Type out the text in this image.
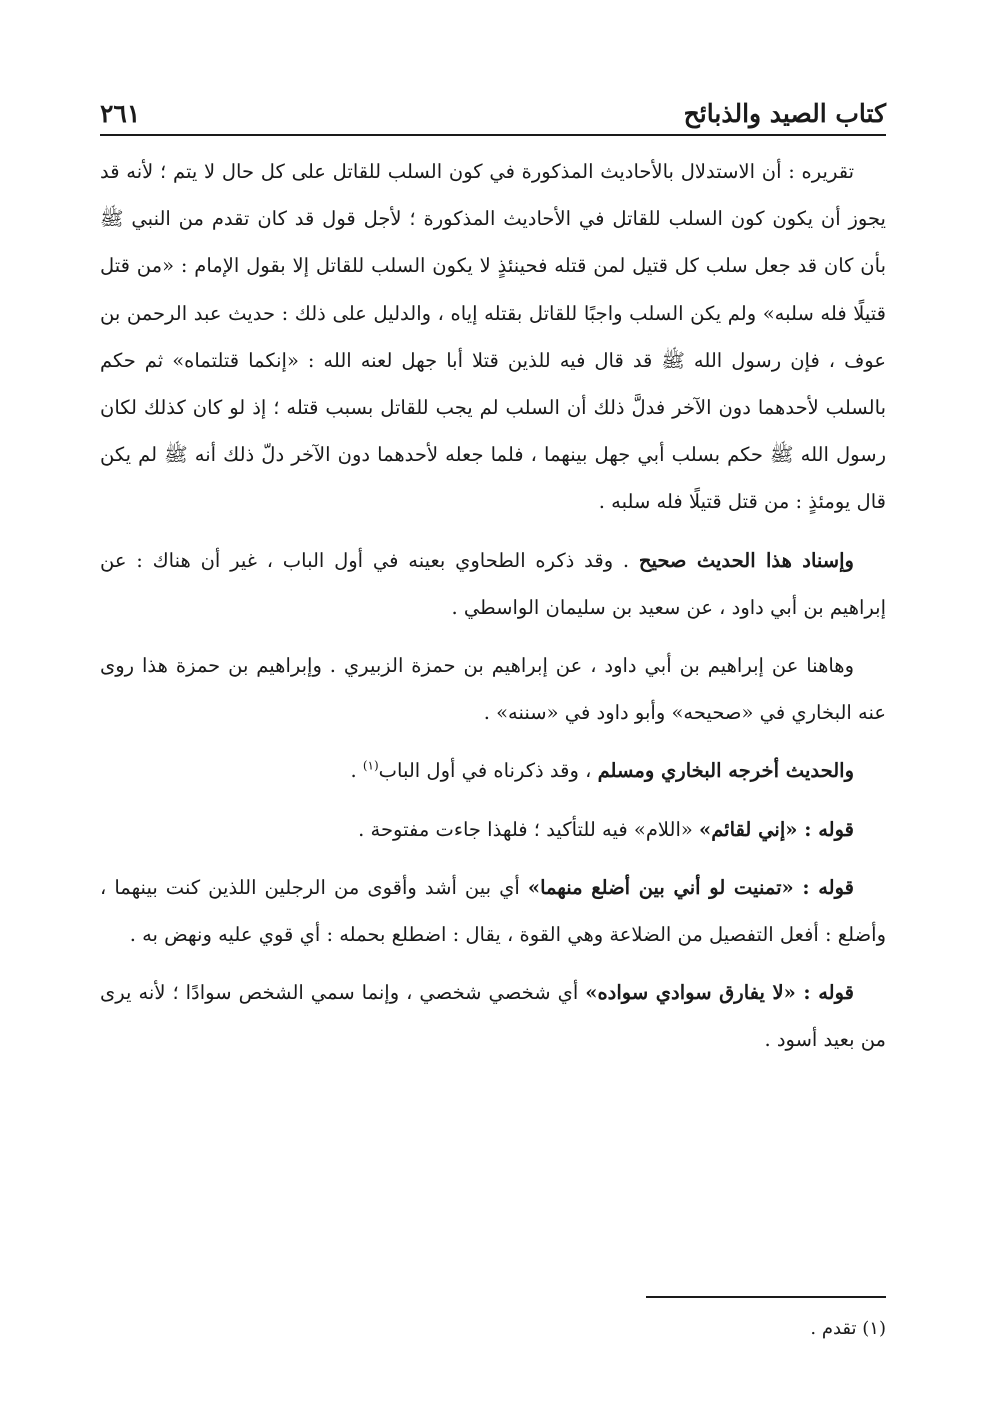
كتاب الصيد والذبائح
٢٦١

تقريره : أن الاستدلال بالأحاديث المذكورة في كون السلب للقاتل على كل حال لا يتم ؛ لأنه قد يجوز أن يكون كون السلب للقاتل في الأحاديث المذكورة ؛ لأجل قول قد كان تقدم من النبي ﷺ بأن كان قد جعل سلب كل قتيل لمن قتله فحينئذٍ لا يكون السلب للقاتل إلا بقول الإمام : «من قتل قتيلًا فله سلبه» ولم يكن السلب واجبًا للقاتل بقتله إياه ، والدليل على ذلك : حديث عبد الرحمن بن عوف ، فإن رسول الله ﷺ قد قال فيه للذين قتلا أبا جهل لعنه الله : «إنكما قتلتماه» ثم حكم بالسلب لأحدهما دون الآخر فدلَّ ذلك أن السلب لم يجب للقاتل بسبب قتله ؛ إذ لو كان كذلك لكان رسول الله ﷺ حكم بسلب أبي جهل بينهما ، فلما جعله لأحدهما دون الآخر دلّ ذلك أنه ﷺ لم يكن قال يومئذٍ : من قتل قتيلًا فله سلبه .

وإسناد هذا الحديث صحيح . وقد ذكره الطحاوي بعينه في أول الباب ، غير أن هناك : عن إبراهيم بن أبي داود ، عن سعيد بن سليمان الواسطي .

وهاهنا عن إبراهيم بن أبي داود ، عن إبراهيم بن حمزة الزبيري . وإبراهيم بن حمزة هذا روى عنه البخاري في «صحيحه» وأبو داود في «سننه» .

والحديث أخرجه البخاري ومسلم ، وقد ذكرناه في أول الباب$^{(١)}$ .

قوله : «إني لقائم» «اللام» فيه للتأكيد ؛ فلهذا جاءت مفتوحة .

قوله : «تمنيت لو أني بين أضلع منهما» أي بين أشد وأقوى من الرجلين اللذين كنت بينهما ، وأضلع : أفعل التفصيل من الضلاعة وهي القوة ، يقال : اضطلع بحمله : أي قوي عليه ونهض به .

قوله : «لا يفارق سوادي سواده» أي شخصي شخصي ، وإنما سمي الشخص سوادًا ؛ لأنه يرى من بعيد أسود .

(١) تقدم .
